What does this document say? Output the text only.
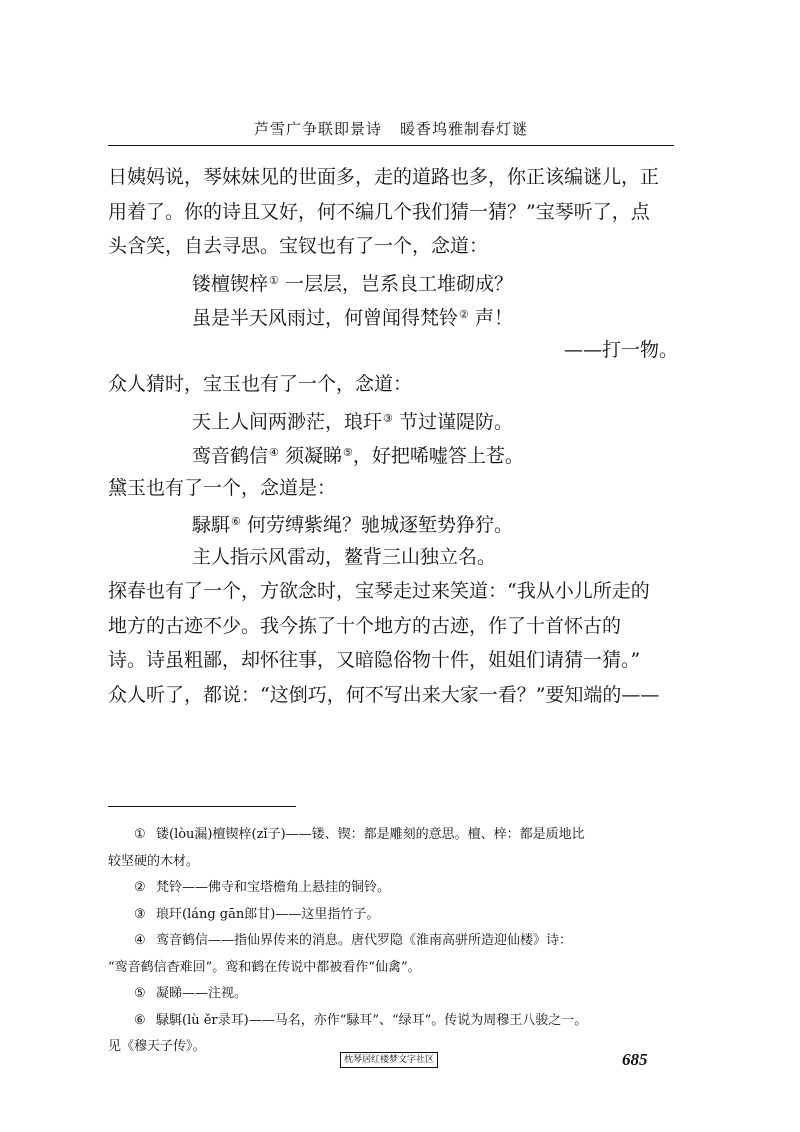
芦雪广争联即景诗 暖香坞雅制春灯谜
日姨妈说，琴妹妹见的世面多，走的道路也多，你正该编谜儿，正
用着了。你的诗且又好，何不编几个我们猜一猜？”宝琴听了，点
头含笑，自去寻思。宝钗也有了一个，念道：
镂檀锲梓① 一层层，岂系良工堆砌成？
虽是半天风雨过，何曾闻得梵铃② 声！
——打一物。
众人猜时，宝玉也有了一个，念道：
天上人间两渺茫，琅玕③ 节过谨隄防。
鸾音鹤信④ 须凝睇⑤，好把唏嘘答上苍。
黛玉也有了一个，念道是：
騄駬⑥ 何劳缚紫绳？驰城逐堑势狰狞。
主人指示风雷动，鳌背三山独立名。
探春也有了一个，方欲念时，宝琴走过来笑道：“我从小儿所走的
地方的古迹不少。我今拣了十个地方的古迹，作了十首怀古的
诗。诗虽粗鄙，却怀往事，又暗隐俗物十件，姐姐们请猜一猜。”
众人听了，都说：“这倒巧，何不写出来大家一看？”要知端的——
① 镂(lòu漏)檀锲梓(zǐ子)——镂、锲：都是雕刻的意思。檀、梓：都是质地比
较坚硬的木材。
② 梵铃——佛寺和宝塔檐角上悬挂的铜铃。
③ 琅玕(láng gān郎甘)——这里指竹子。
④ 鸾音鹤信——指仙界传来的消息。唐代罗隐《淮南高骈所造迎仙楼》诗：
“鸾音鹤信杳难回”。鸾和鹤在传说中都被看作“仙禽”。
⑤ 凝睇——注视。
⑥ 騄駬(lù ěr录耳)——马名，亦作“騄耳”、“绿耳”。传说为周穆王八骏之一。
见《穆天子传》。
枕琴居红楼梦文字社区	685
